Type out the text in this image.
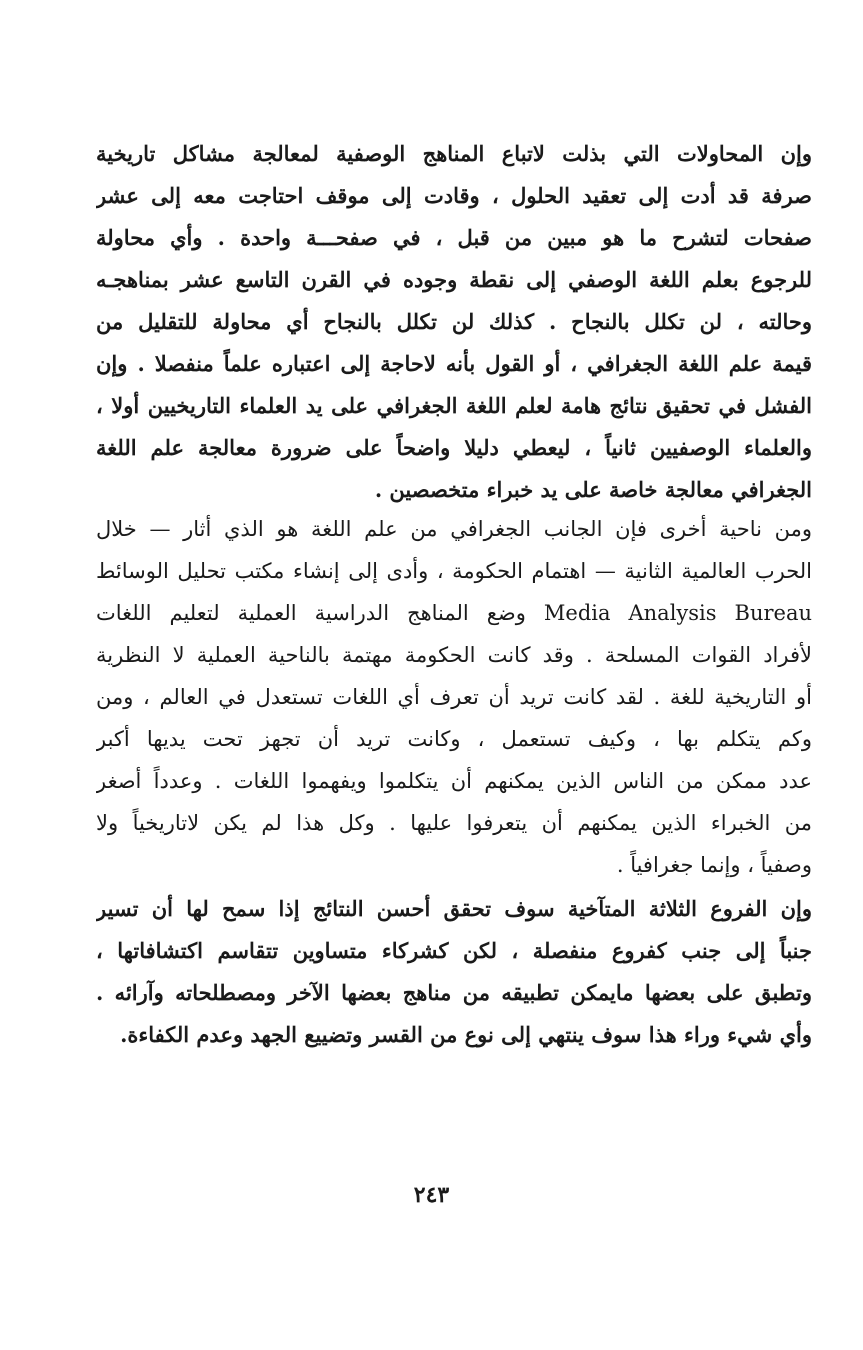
وإن المحاولات التي بذلت لاتباع المناهج الوصفية لمعالجة مشاكل تاريخية
صرفة قد أدت إلى تعقيد الحلول ، وقادت إلى موقف احتاجت معه إلى عشر
صفحات لتشرح ما هو مبين من قبل ، في صفحـــة واحدة . وأي محاولة
للرجوع بعلم اللغة الوصفي إلى نقطة وجوده في القرن التاسع عشر بمناهجـه
وحالته ، لن تكلل بالنجاح . كذلك لن تكلل بالنجاح أي محاولة للتقليل من
قيمة علم اللغة الجغرافي ، أو القول بأنه لاحاجة إلى اعتباره علماً منفصلا . وإن
الفشل في تحقيق نتائج هامة لعلم اللغة الجغرافي على يد العلماء التاريخيين أولا ،
والعلماء الوصفيين ثانياً ، ليعطي دليلا واضحاً على ضرورة معالجة علم اللغة
الجغرافي معالجة خاصة على يد خبراء متخصصين .
ومن ناحية أخرى فإن الجانب الجغرافي من علم اللغة هو الذي أثار — خلال
الحرب العالمية الثانية — اهتمام الحكومة ، وأدى إلى إنشاء مكتب تحليل الوسائط
Media Analysis Bureau وضع المناهج الدراسية العملية لتعليم اللغات
لأفراد القوات المسلحة . وقد كانت الحكومة مهتمة بالناحية العملية لا النظرية
أو التاريخية للغة . لقد كانت تريد أن تعرف أي اللغات تستعدل في العالم ، ومن
وكم يتكلم بها ، وكيف تستعمل ، وكانت تريد أن تجهز تحت يديها أكبر
عدد ممكن من الناس الذين يمكنهم أن يتكلموا ويفهموا اللغات . وعدداً أصغر
من الخبراء الذين يمكنهم أن يتعرفوا عليها . وكل هذا لم يكن لاتاريخياً ولا
وصفياً ، وإنما جغرافياً .
وإن الفروع الثلاثة المتآخية سوف تحقق أحسن النتائج إذا سمح لها أن تسير
جنباً إلى جنب كفروع منفصلة ، لكن كشركاء متساوين تتقاسم اكتشافاتها ،
وتطبق على بعضها مايمكن تطبيقه من مناهج بعضها الآخر ومصطلحاته وآرائه .
وأي شيء وراء هذا سوف ينتهي إلى نوع من القسر وتضييع الجهد وعدم الكفاءة.
٢٤٣
